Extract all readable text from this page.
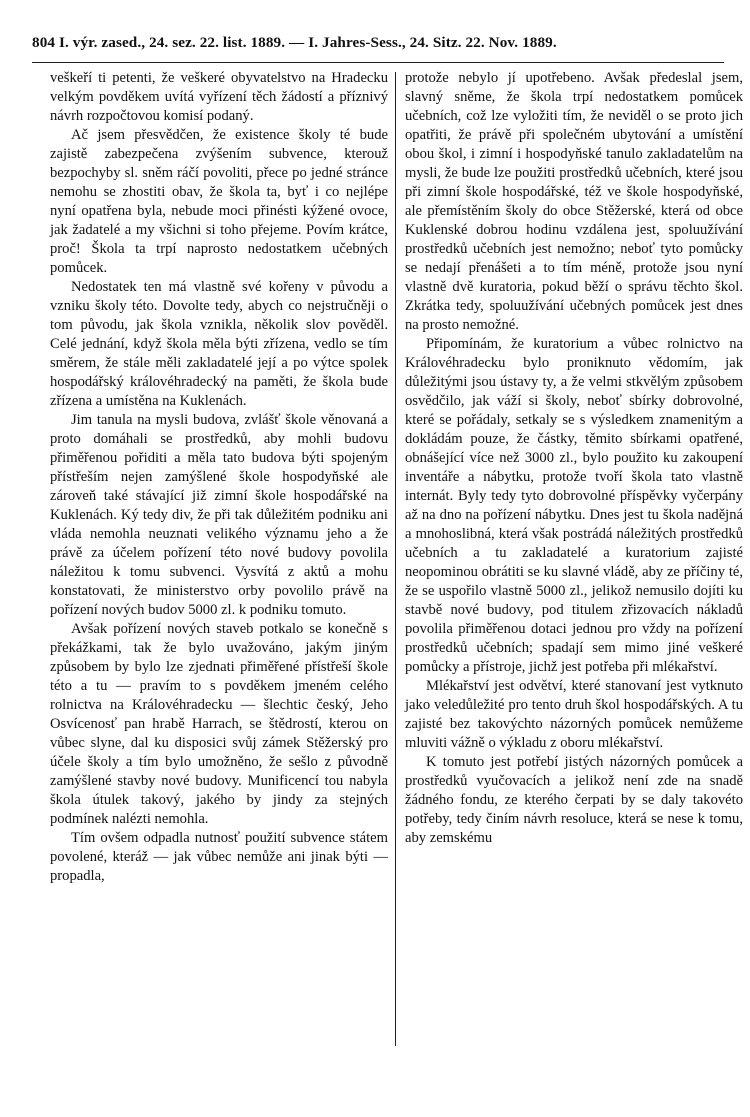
804 I. výr. zased., 24. sez. 22. list. 1889. — I. Jahres-Sess., 24. Sitz. 22. Nov. 1889.

veškeří ti petenti, že veškeré obyvatelstvo na Hradecku velkým povděkem uvítá vyřízení těch žádostí a příznivý návrh rozpočtovou komisí podaný.

Ač jsem přesvědčen, že existence školy té bude zajistě zabezpečena zvýšením subvence, kterouž bezpochyby sl. sněm ráčí povoliti, přece po jedné stránce nemohu se zhostiti obav, že škola ta, byť i co nejlépe nyní opatřena byla, nebude moci přinésti kýžené ovoce, jak žadatelé a my všichni si toho přejeme. Povím krátce, proč! Škola ta trpí naprosto nedostatkem učebných pomůcek.

Nedostatek ten má vlastně své kořeny v původu a vzniku školy této. Dovolte tedy, abych co nejstručněji o tom původu, jak škola vznikla, několik slov pověděl. Celé jednání, když škola měla býti zřízena, vedlo se tím směrem, že stále měli zakladatelé její a po výtce spolek hospodářský královéhradecký na paměti, že škola bude zřízena a umístěna na Kuklenách.

Jim tanula na mysli budova, zvlášť škole věnovaná a proto domáhali se prostředků, aby mohli budovu přiměřenou pořiditi a měla tato budova býti spojeným přístřeším nejen zamýšlené škole hospodyňské ale zároveň také stávající již zimní škole hospodářské na Kuklenách. Ký tedy div, že při tak důležitém podniku ani vláda nemohla neuznati velikého významu jeho a že právě za účelem pořízení této nové budovy povolila náležitou k tomu subvenci. Vysvítá z aktů a mohu konstatovati, že ministerstvo orby povolilo právě na pořízení nových budov 5000 zl. k podniku tomuto.

Avšak pořízení nových staveb potkalo se konečně s překážkami, tak že bylo uvažováno, jakým jiným způsobem by bylo lze zjednati přiměřené přístřeší škole této a tu — pravím to s povděkem jmeném celého rolnictva na Královéhradecku — šlechtic český, Jeho Osvícenosť pan hrabě Harrach, se štědrostí, kterou on vůbec slyne, dal ku disposici svůj zámek Stěžerský pro účele školy a tím bylo umožněno, že sešlo z původně zamýšlené stavby nové budovy. Munificencí tou nabyla škola útulek takový, jakého by jindy za stejných podmínek nalézti nemohla.

Tím ovšem odpadla nutnosť použití subvence státem povolené, kteráž — jak vůbec nemůže ani jinak býti — propadla,

protože nebylo jí upotřebeno. Avšak předeslal jsem, slavný sněme, že škola trpí nedostatkem pomůcek učebních, což lze vyložiti tím, že neviděl o se proto jich opatřiti, že právě při společném ubytování a umístění obou škol, i zimní i hospodyňské tanulo zakladatelům na mysli, že bude lze použiti prostředků učebních, které jsou při zimní škole hospodářské, též ve škole hospodyňské, ale přemístěním školy do obce Stěžerské, která od obce Kuklenské dobrou hodinu vzdálena jest, spoluužívání prostředků učebních jest nemožno; neboť tyto pomůcky se nedají přenášeti a to tím méně, protože jsou nyní vlastně dvě kuratoria, pokud běží o správu těchto škol. Zkrátka tedy, spoluužívání učebných pomůcek jest dnes na prosto nemožné.

Připomínám, že kuratorium a vůbec rolnictvo na Královéhradecku bylo proniknuto vědomím, jak důležitými jsou ústavy ty, a že velmi stkvělým způsobem osvědčilo, jak váží si školy, neboť sbírky dobrovolné, které se pořádaly, setkaly se s výsledkem znamenitým a dokládám pouze, že částky, těmito sbírkami opatřené, obnášející více než 3000 zl., bylo použito ku zakoupení inventáře a nábytku, protože tvoří škola tato vlastně internát. Byly tedy tyto dobrovolné příspěvky vyčerpány až na dno na pořízení nábytku. Dnes jest tu škola nadějná a mnohoslibná, která však postrádá náležitých prostředků učebních a tu zakladatelé a kuratorium zajisté neopominou obrátiti se ku slavné vládě, aby ze příčiny té, že se uspořilo vlastně 5000 zl., jelikož nemusilo dojíti ku stavbě nové budovy, pod titulem zřizovacích nákladů povolila přiměřenou dotaci jednou pro vždy na pořízení prostředků učebních; spadají sem mimo jiné veškeré pomůcky a přístroje, jichž jest potřeba při mlékařství.

Mlékařství jest odvětví, které stanovaní jest vytknuto jako veledůležité pro tento druh škol hospodářských. A tu zajisté bez takovýchto názorných pomůcek nemůžeme mluviti vážně o výkladu z oboru mlékařství.

K tomuto jest potřebí jistých názorných pomůcek a prostředků vyučovacích a jelikož není zde na snadě žádného fondu, ze kterého čerpati by se daly takovéto potřeby, tedy činím návrh resoluce, která se nese k tomu, aby zemskému
